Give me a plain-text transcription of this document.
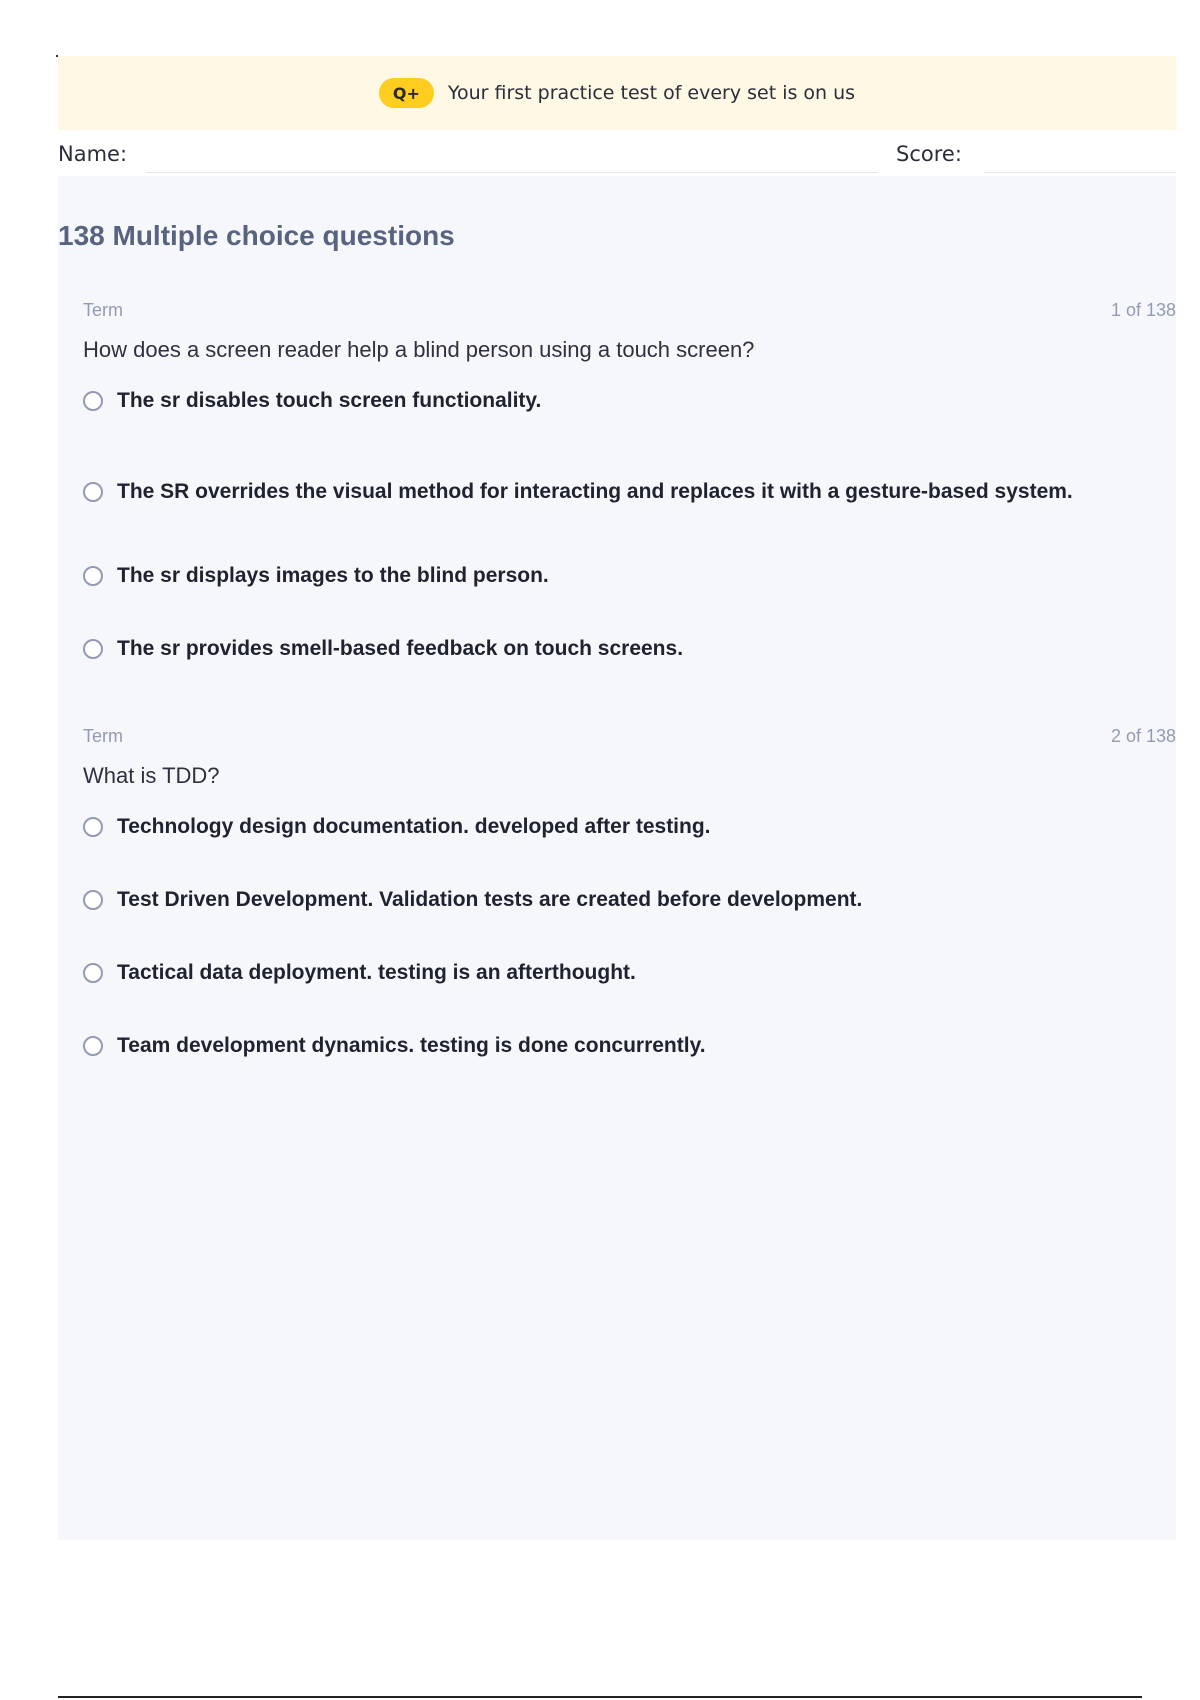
Q+	Your first practice test of every set is on us
Name:	Score:
138 Multiple choice questions
Term	1 of 138
How does a screen reader help a blind person using a touch screen?
The sr disables touch screen functionality.
The SR overrides the visual method for interacting and replaces it with a gesture-based system.
The sr displays images to the blind person.
The sr provides smell-based feedback on touch screens.
Term	2 of 138
What is TDD?
Technology design documentation. developed after testing.
Test Driven Development. Validation tests are created before development.
Tactical data deployment. testing is an afterthought.
Team development dynamics. testing is done concurrently.
